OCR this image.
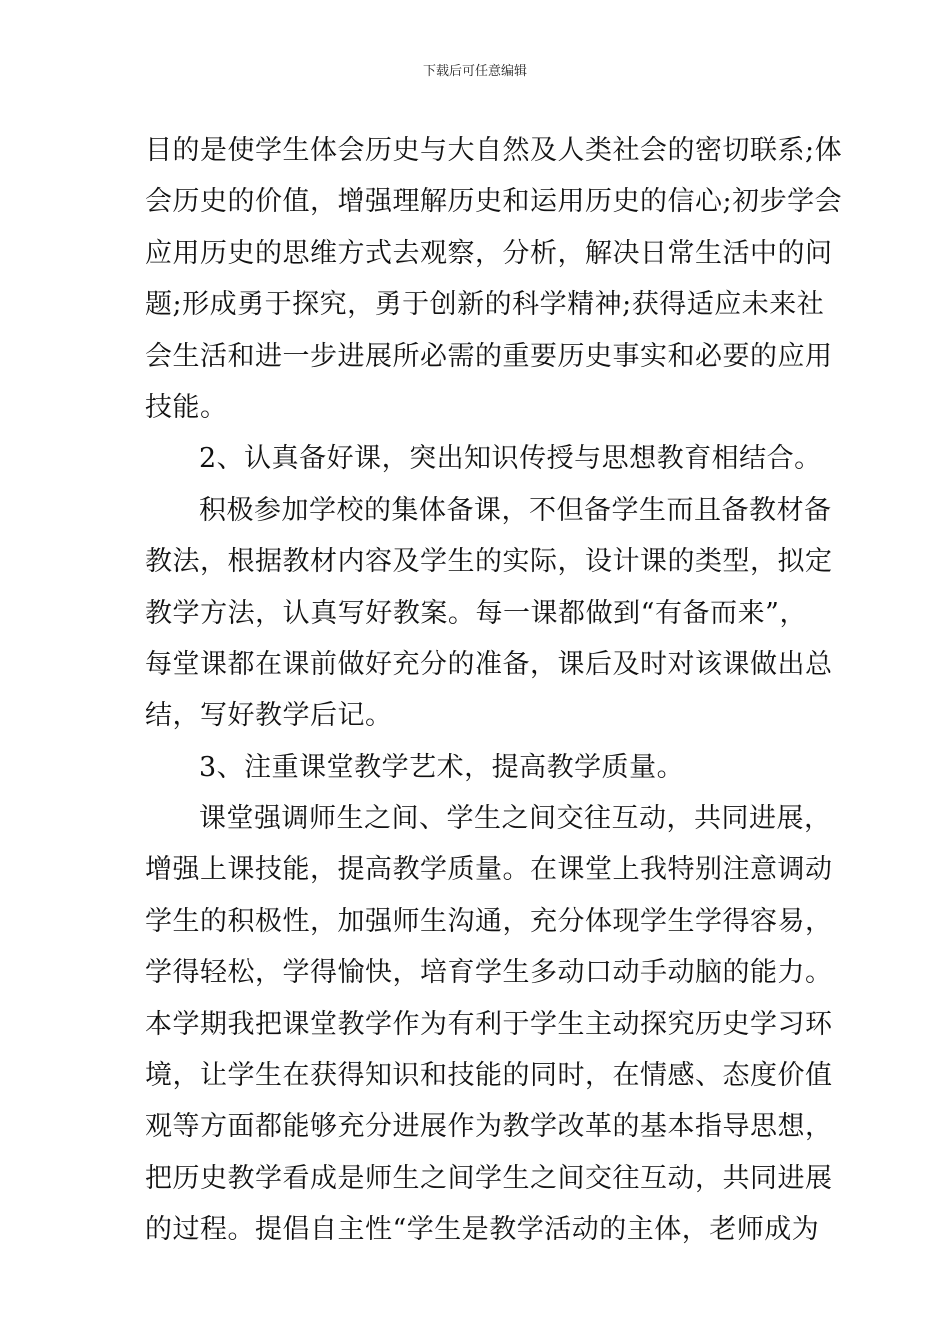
下载后可任意编辑
目的是使学生体会历史与大自然及人类社会的密切联系;体
会历史的价值，增强理解历史和运用历史的信心;初步学会
应用历史的思维方式去观察，分析，解决日常生活中的问
题;形成勇于探究，勇于创新的科学精神;获得适应未来社
会生活和进一步进展所必需的重要历史事实和必要的应用
技能。
2、认真备好课，突出知识传授与思想教育相结合。
积极参加学校的集体备课，不但备学生而且备教材备
教法，根据教材内容及学生的实际，设计课的类型，拟定
教学方法，认真写好教案。每一课都做到“有备而来”，
每堂课都在课前做好充分的准备，课后及时对该课做出总
结，写好教学后记。
3、注重课堂教学艺术，提高教学质量。
课堂强调师生之间、学生之间交往互动，共同进展，
增强上课技能，提高教学质量。在课堂上我特别注意调动
学生的积极性，加强师生沟通，充分体现学生学得容易，
学得轻松，学得愉快，培育学生多动口动手动脑的能力。
本学期我把课堂教学作为有利于学生主动探究历史学习环
境，让学生在获得知识和技能的同时，在情感、态度价值
观等方面都能够充分进展作为教学改革的基本指导思想，
把历史教学看成是师生之间学生之间交往互动，共同进展
的过程。提倡自主性“学生是教学活动的主体，老师成为
